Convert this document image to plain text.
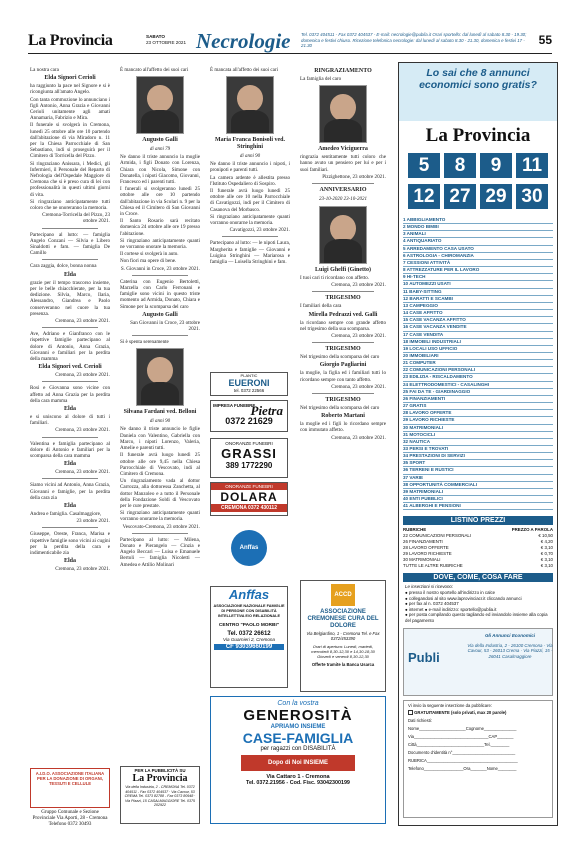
La Provincia	SABATO
23 OTTOBRE 2021 Necrologie Tel. 0372 404511 - Fax 0372 404537 - E-mail: necrologie@publia.it Orari sportello: dal lunedì al sabato 8.30 - 19.30; domenica e festivi chiuso. Ricezione telefonica necrologie: dal lunedì al sabato 8.30 - 21.30, domenica e festivi 17 - 21.30	55
La nostra cara
Elda Signori Cerioli
ha raggiunto la pace nel Signore e si è ricongiunta all'amato Angelo.
Con tanta commozione lo annunciano i figli Antonio, Anna Grazia e Giovanni Cerioli unitamente agli amati Annamaria, Fabrizio e Mira.
Il funerale si svolgerà in Cremona, lunedì 25 ottobre alle ore 10 partendo dall'abitazione di via Miradoro n. 11 per la Chiesa Parrocchiale di San Sebastiano, indi si proseguirà per il Cimitero di Torricella del Pizzo.
Si ringraziano Anissara, i Medici, gli Infermieri, il Personale del Reparto di Nefrologia dell'Ospedale Maggiore di Cremona che si è preso cura di lei con professionalità in questi ultimi giorni di vita.
Si ringraziano anticipatamente tutti coloro che ne onoreranno la memoria.
Cremona-Torricella del Pizzo, 23 ottobre 2021.
Partecipano al lutto: — famiglia Angelo Conzani — Silvia e Libero Sinaldotti e fam. — famiglia De Camillo
Cara zaggia, dolce, bonna nonna
Elda
grazie per il tempo trascorso insieme, per le belle chiacchierate, per la tua dedizione. Silvia, Marco, Ilaria, Alessandro, Giandrea e Paolo conserveranno nel cuore la tua presenza.
Cremona, 23 ottobre 2021.
Ave, Adriano e Gianfranco con le rispettive famiglie partecipano al dolore di Antonio, Anna Grazia, Giovanni e familiari per la perdita della mamma
Elda Signori ved. Cerioli
Cremona, 23 ottobre 2021.
Rosi e Giovanna sono vicine con affetto ad Anna Grazia per la perdita della cara mamma
Elda
e si uniscono al dolore di tutti i familiari.
Cremona, 23 ottobre 2021.
Valentina e famiglia partecipano al dolore di Antonio e familiari per la scomparsa della cara mamma
Elda
Cremona, 23 ottobre 2021.
Siamo vicini ad Antonio, Anna Grazia, Giovanni e famiglie, per la perdita della cara zia
Elda
Andrea e famiglia. Casalmaggiore,
23 ottobre 2021.
Giuseppe, Oreste, Franca, Marisa e rispettive famiglie sono vicini ai cugini per la perdita della cara e indimenticabile zia
Elda
Cremona, 23 ottobre 2021.
È mancato all'affetto dei suoi cari
Augusto Galli
di anni 79
Ne danno il triste annuncio la moglie Armida, i figli Donato con Lorenza, Chiara con Nicola, Simone con Donatella, i nipoti Giacomo, Giovanni, Francesco ed i parenti tutti.
I funerali si svolgeranno lunedì 25 ottobre alle ore 10 partendo dall'abitazione in via Scolari n. 9 per la Chiesa ed il Cimitero di San Giovanni in Croce.
Il Santo Rosario sarà recitato domenica 24 ottobre alle ore 19 presso l'abitazione.
Si ringraziano anticipatamente quanti ne vorranno onorare la memoria.
Il cortese si svolgerà in auto.
Non fiori ma opere di bene.
S. Giovanni in Croce, 23 ottobre 2021.
Caterina con Eugenio Bertoletti, Marzella con Carlo Ferronani e famiglie sono vicini in questo triste momento ad Armida, Donato, Chiara e Simone per la scomparsa del caro
Augusto Galli
San Giovanni in Croce, 23 ottobre 2021.
Si è spenta serenamente
Silvana Fardani ved. Belloni
di anni 90
Ne danno il triste annuncio le figlie Daniela con Valentino, Gabriella con Marco, i nipoti Lorenzo, Valeria, Amelie e parenti tutti.
Il funerale avrà luogo lunedì 25 ottobre alle ore 9,45 nella Chiesa Parrocchiale di Vescovato, indi al Cimitero di Cremona.
Un ringraziamento vada al dottor Carrozza, alla dottoressa Zanchetta, al dottor Manzoleo e a tutto il Personale della Fondazione Soldi di Vescovato per le cure prestate.
Si ringraziano anticipatamente quanti vorranno onorarne la memoria.
Vescovato-Cremona, 23 ottobre 2021.
Partecipano al lutto: — Milena, Donato e Pierangelo — Cinzia e Angelo Beccari — Luisa e Emanuele Bertoli — famiglia Nicoletti — Amedea e Attilio Molinari
È mancata all'affetto dei suoi cari
Maria Franca Bonisoli ved. Stringhini
di anni 90
Ne danno il triste annuncio i nipoti, i pronipoti e parenti tutti.
La camera ardente è allestita presso l'Istituto Ospedaliero di Sospiro.
Il funerale avrà luogo lunedì 25 ottobre alle ore 10 nella Parrocchiale di Cavatigozzi, indi per il Cimitero di Casanova del Morbasco.
Si ringraziano anticipatamente quanti vorranno onorarne la memoria.
Cavatigozzi, 23 ottobre 2021.
Partecipano al lutto: — le nipoti Laura, Margherita e famiglie — Giovanni e Luigina Stringhini — Mariarosa e famiglia — Loisella Stringhini e fam.
RINGRAZIAMENTO
La famiglia del caro
Amedeo Viciguerra
ringrazia sentitamente tutti coloro che hanno avuto un pensiero per lui e per i suoi familiari.
Pizzighettone, 23 ottobre 2021.
ANNIVERSARIO
23-10-2020 23-10-2021
Luigi Ghelfi (Ginetto)
I tuoi cari ti ricordano con affetto.
Cremona, 23 ottobre 2021.
TRIGESIMO
I familiari della cara
Mirella Pedrazzi ved. Galli
la ricordano sempre con grande affetto nel trigesimo della sua scomparsa.
Cremona, 23 ottobre 2021.
TRIGESIMO
Nel trigesimo della scomparsa del caro
Giorgio Pagliarini
la moglie, la figlia ed i familiari tutti lo ricordano sempre con tanto affetto.
Cremona, 23 ottobre 2021.
TRIGESIMO
Nel trigesimo della scomparsa del caro
Roberto Martani
la moglie ed i figli lo ricordano sempre con immutato affetto.
Cremona, 23 ottobre 2021.
A.I.D.O. ASSOCIAZIONE ITALIANA PER LA DONAZIONE DI ORGANI, TESSUTI E CELLULE
Gruppo Comunale e Sezione Provinciale Via Aporti, 28 - Cremona Telefono 0372 30493
PER LA PUBBLICITÀ SU
La Provincia
Via della Industria, 2 - CREMONA Tel. 0372 404511 - Fax 0372 404537 · Via Cavour, 53 CREMA Tel. 0373 82788 - Fax 0373 80948 · Via Piazzi, 15 CASALMAGGIORE Tel. 0375 202922
PLANTIC
EUERONI
tel. 0372 22566
IMPRESA FUNEBRE
Pietra
0372 21629
ONORANZE FUNEBRI
GRASSI
389 1772290
ONORANZE FUNEBRI
DOLARA
CREMONA 0372 430112
Anffas
Anffas
ASSOCIAZIONE NAZIONALE FAMIGLIE DI PERSONE CON DISABILITÀ INTELLETTIVA E/O RELAZIONALE
CENTRO "PAOLO MORBI"
Tel. 0372 26612
Via Guarnieri 2, Cremona
CF 93039660199
ACCD
ASSOCIAZIONE CREMONESE CURA DEL DOLORE
Via Belgiardino, 1 - Cremona Tel. e Fax 0372/453390
Orari di apertura: Lunedì, martedì, mercoledì 8,30-12,30 e 14,30-18,30 Giovedì e venerdì 8,30-12,30
Offerte tramite la Banca Usarca
Con la vostra
GENEROSITÀ
APRIAMO INSIEME
CASE-FAMIGLIA
per ragazzi con DISABILITÀ
Dopo di Noi INSIEME
Via Cattaro 1 - Cremona
Tel. 0372.21956 - Cod. Fisc. 93042300199
Lo sai che 8 annunci economici sono gratis?
La Provincia
5	8	9	11
12 27 29 30
1 ABBIGLIAMENTO
2 MONDO BIMBI
3 ANIMALI
4 ANTIQUARIATO
5 ARREDAMENTO CASA USATO
6 ASTROLOGIA - CHIROMANZIA
7 CESSIONI ATTIVITÀ
8 ATTREZZATURE PER IL LAVORO
9 HI-TECH
10 AUTOMEZZI USATI
11 BABY-SITTING
12 BARATTI E SCAMBI
13 CAMPEGGIO
14 CASE AFFITTO
15 CASE VACANZA AFFITTO
16 CASE VACANZA VENDITE
17 CASE VENDITA
18 IMMOBILI INDUSTRIALI
19 LOCALI USO UFFICIO
20 IMMOBILIARI
21 COMPUTER
22 COMUNICAZIONI PERSONALI
23 EDILIZIA - RISCALDAMENTO
24 ELETTRODOMESTICI - CASALINGHI
25 FAI DA TE - GIARDINAGGIO
26 FINANZIAMENTI
27 GRATIS
28 LAVORO OFFERTE
29 LAVORO RICHIESTE
30 MATRIMONIALI
31 MOTOCICLI
32 NAUTICA
33 PERSI E TROVATI
34 PRESTAZIONI DI SERVIZI
35 SPORT
36 TERRENI E RUSTICI
37 VARIE
38 OPPORTUNITÀ COMMERCIALI
39 MATRIMONIALI
40 ENTI PUBBLICI
41 ALBERGHI E PENSIONI
LISTINO PREZZI
RUBRICHE	PREZZO A PAROLA
22 COMUNICAZIONI PERSONALI	€ 10,50
26 FINANZIAMENTI	€ 4,20
28 LAVORO OFFERTE	€ 3,10
29 LAVORO RICHIESTE	€ 0,70
30 MATRIMONIALI	€ 3,10
TUTTE LE ALTRE RUBRICHE	€ 3,10
DOVE, COME, COSA FARE
Le inserzioni si ricevono:
● presso il nostro sportello all'indirizzo in calce
● collegandosi al sito www.laprovinciacr.it cliccando annunci
● per fax al n. 0372 404537
● internet ● e-mail indirizzo: sportello@publia.it
● per posta compilando questo tagliando ed inviandolo insieme alla copia del pagamento
Publi
Gli Annunci Economici
Via della Industria, 2 - 26100 Cremona · Via Cavour, 53 - 26013 Crema · Via Piazzi, 15 - 26041 Casalmaggiore
Vi invio la seguente inserzione da pubblicare:
GRATUITAMENTE (solo privati, max 20 parole)
Dati richiesti:
Nome____________________Cognome______________
Via________________________________CAP_______
Città_____________________________Tel.________
Documento d'identità n°___________________________
RUBRICA_______________________________________
Telefono_________________Ora_______Nome________
